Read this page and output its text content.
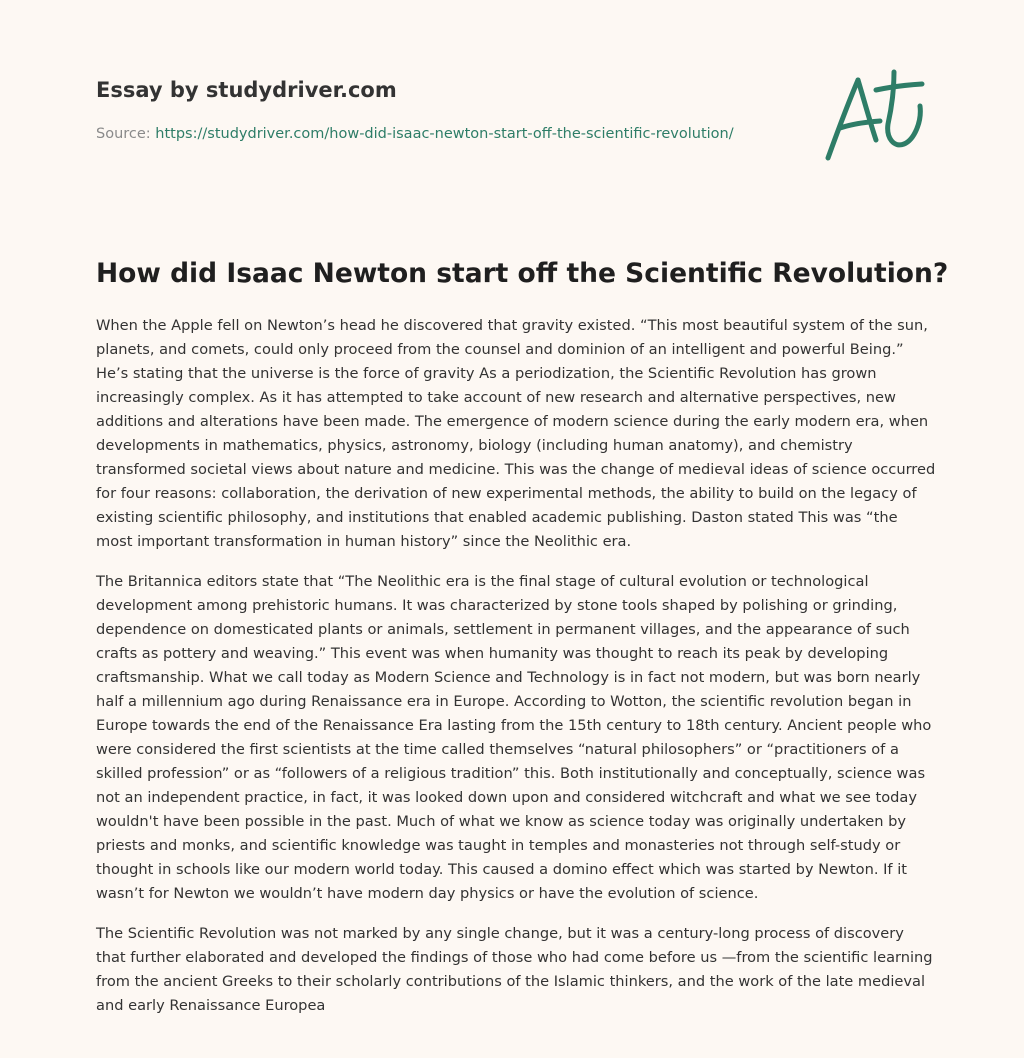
Essay by studydriver.com
Source: https://studydriver.com/how-did-isaac-newton-start-off-the-scientific-revolution/
How did Isaac Newton start off the Scientific Revolution?

When the Apple fell on Newton’s head he discovered that gravity existed. “This most beautiful system of the sun, planets, and comets, could only proceed from the counsel and dominion of an intelligent and powerful Being.” He’s stating that the universe is the force of gravity As a periodization, the Scientific Revolution has grown increasingly complex. As it has attempted to take account of new research and alternative perspectives, new additions and alterations have been made. The emergence of modern science during the early modern era, when developments in mathematics, physics, astronomy, biology (including human anatomy), and chemistry transformed societal views about nature and medicine. This was the change of medieval ideas of science occurred for four reasons: collaboration, the derivation of new experimental methods, the ability to build on the legacy of existing scientific philosophy, and institutions that enabled academic publishing. Daston stated This was “the most important transformation in human history” since the Neolithic era.

The Britannica editors state that “The Neolithic era is the final stage of cultural evolution or technological development among prehistoric humans. It was characterized by stone tools shaped by polishing or grinding, dependence on domesticated plants or animals, settlement in permanent villages, and the appearance of such crafts as pottery and weaving.” This event was when humanity was thought to reach its peak by developing craftsmanship. What we call today as Modern Science and Technology is in fact not modern, but was born nearly half a millennium ago during Renaissance era in Europe. According to Wotton, the scientific revolution began in Europe towards the end of the Renaissance Era lasting from the 15th century to 18th century. Ancient people who were considered the first scientists at the time called themselves “natural philosophers” or “practitioners of a skilled profession” or as “followers of a religious tradition” this. Both institutionally and conceptually, science was not an independent practice, in fact, it was looked down upon and considered witchcraft and what we see today wouldn't have been possible in the past. Much of what we know as science today was originally undertaken by priests and monks, and scientific knowledge was taught in temples and monasteries not through self-study or thought in schools like our modern world today. This caused a domino effect which was started by Newton. If it wasn’t for Newton we wouldn’t have modern day physics or have the evolution of science.

The Scientific Revolution was not marked by any single change, but it was a century-long process of discovery that further elaborated and developed the findings of those who had come before us —from the scientific learning from the ancient Greeks to their scholarly contributions of the Islamic thinkers, and the work of the late medieval and early Renaissance Europea
